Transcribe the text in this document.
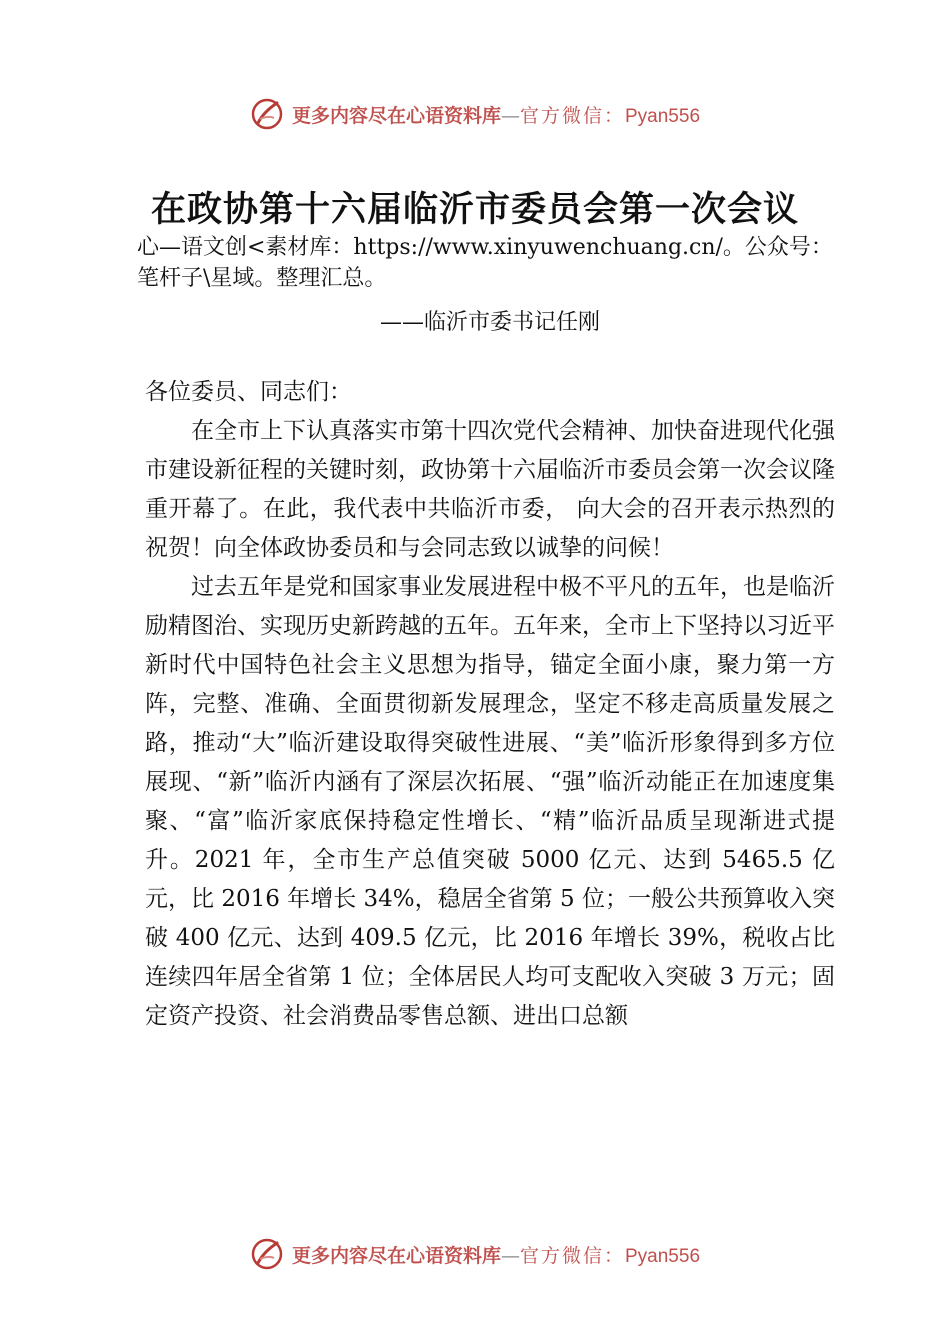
更多内容尽在心语资料库—官方微信：Pyan556
在政协第十六届临沂市委员会第一次会议
心—语文创<素材库：https://www.xinyuwenchuang.cn/。公众号：笔杆子\星域。整理汇总。
——临沂市委书记任刚
各位委员、同志们：

在全市上下认真落实市第十四次党代会精神、加快奋进现代化强市建设新征程的关键时刻，政协第十六届临沂市委员会第一次会议隆重开幕了。在此，我代表中共临沂市委， 向大会的召开表示热烈的祝贺！向全体政协委员和与会同志致以诚挚的问候！

过去五年是党和国家事业发展进程中极不平凡的五年，也是临沂励精图治、实现历史新跨越的五年。五年来，全市上下坚持以习近平新时代中国特色社会主义思想为指导，锚定全面小康，聚力第一方阵，完整、准确、全面贯彻新发展理念，坚定不移走高质量发展之路，推动“大”临沂建设取得突破性进展、“美”临沂形象得到多方位展现、“新”临沂内涵有了深层次拓展、“强”临沂动能正在加速度集聚、“富”临沂家底保持稳定性增长、“精”临沂品质呈现渐进式提升。2021 年，全市生产总值突破 5000 亿元、达到 5465.5 亿元，比 2016 年增长 34%，稳居全省第 5 位；一般公共预算收入突破 400 亿元、达到 409.5 亿元，比 2016 年增长 39%，税收占比连续四年居全省第 1 位；全体居民人均可支配收入突破 3 万元；固定资产投资、社会消费品零售总额、进出口总额

更多内容尽在心语资料库—官方微信：Pyan556
